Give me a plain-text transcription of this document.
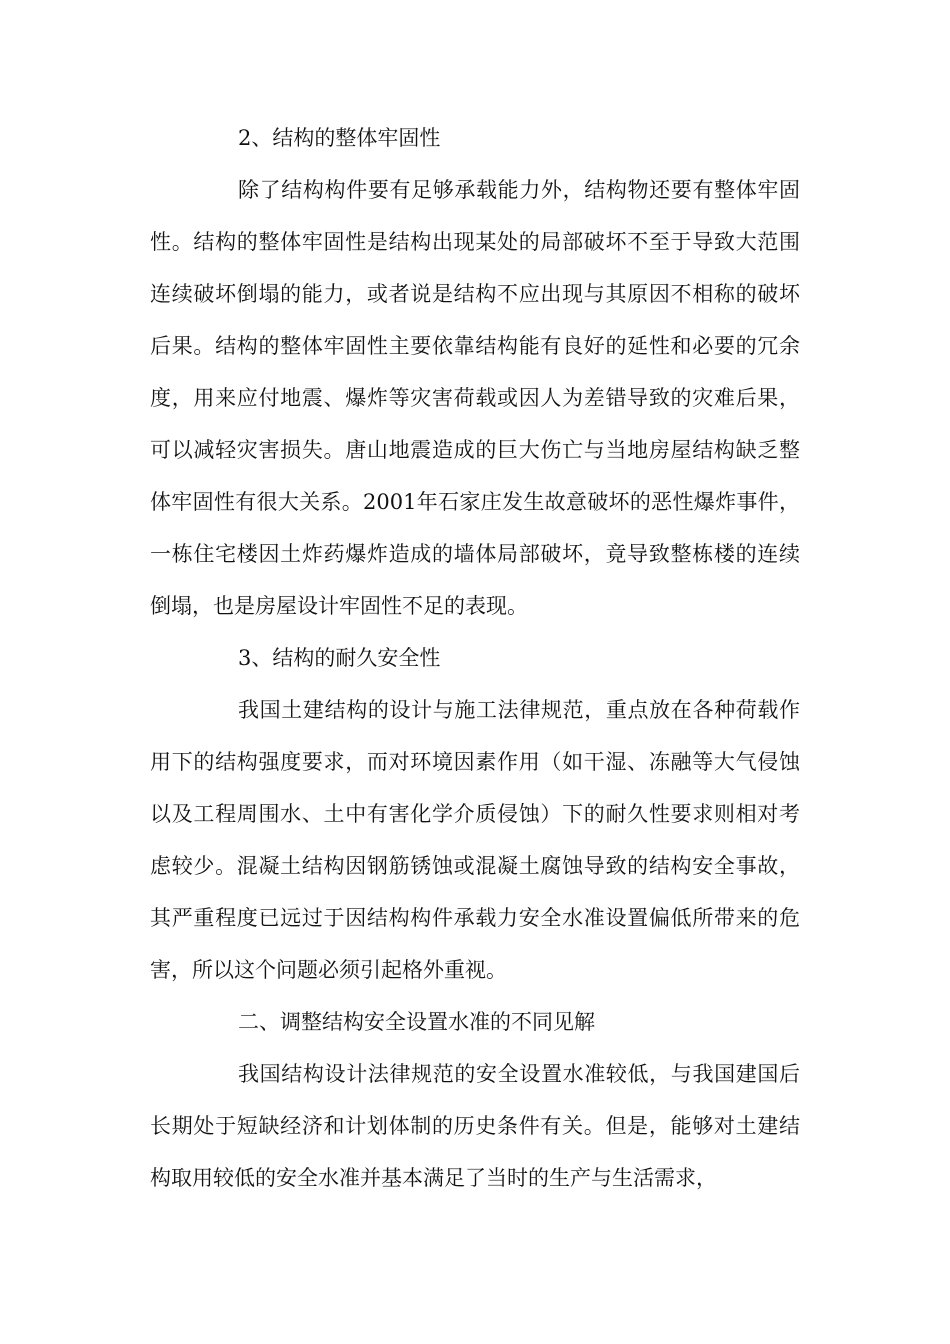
2、结构的整体牢固性

除了结构构件要有足够承载能力外，结构物还要有整体牢固性。结构的整体牢固性是结构出现某处的局部破坏不至于导致大范围连续破坏倒塌的能力，或者说是结构不应出现与其原因不相称的破坏后果。结构的整体牢固性主要依靠结构能有良好的延性和必要的冗余度，用来应付地震、爆炸等灾害荷载或因人为差错导致的灾难后果，可以减轻灾害损失。唐山地震造成的巨大伤亡与当地房屋结构缺乏整体牢固性有很大关系。2001年石家庄发生故意破坏的恶性爆炸事件，一栋住宅楼因土炸药爆炸造成的墙体局部破坏，竟导致整栋楼的连续倒塌，也是房屋设计牢固性不足的表现。

3、结构的耐久安全性

我国土建结构的设计与施工法律规范，重点放在各种荷载作用下的结构强度要求，而对环境因素作用（如干湿、冻融等大气侵蚀以及工程周围水、土中有害化学介质侵蚀）下的耐久性要求则相对考虑较少。混凝土结构因钢筋锈蚀或混凝土腐蚀导致的结构安全事故，其严重程度已远过于因结构构件承载力安全水准设置偏低所带来的危害，所以这个问题必须引起格外重视。

二、调整结构安全设置水准的不同见解

我国结构设计法律规范的安全设置水准较低，与我国建国后长期处于短缺经济和计划体制的历史条件有关。但是，能够对土建结构取用较低的安全水准并基本满足了当时的生产与生活需求，
